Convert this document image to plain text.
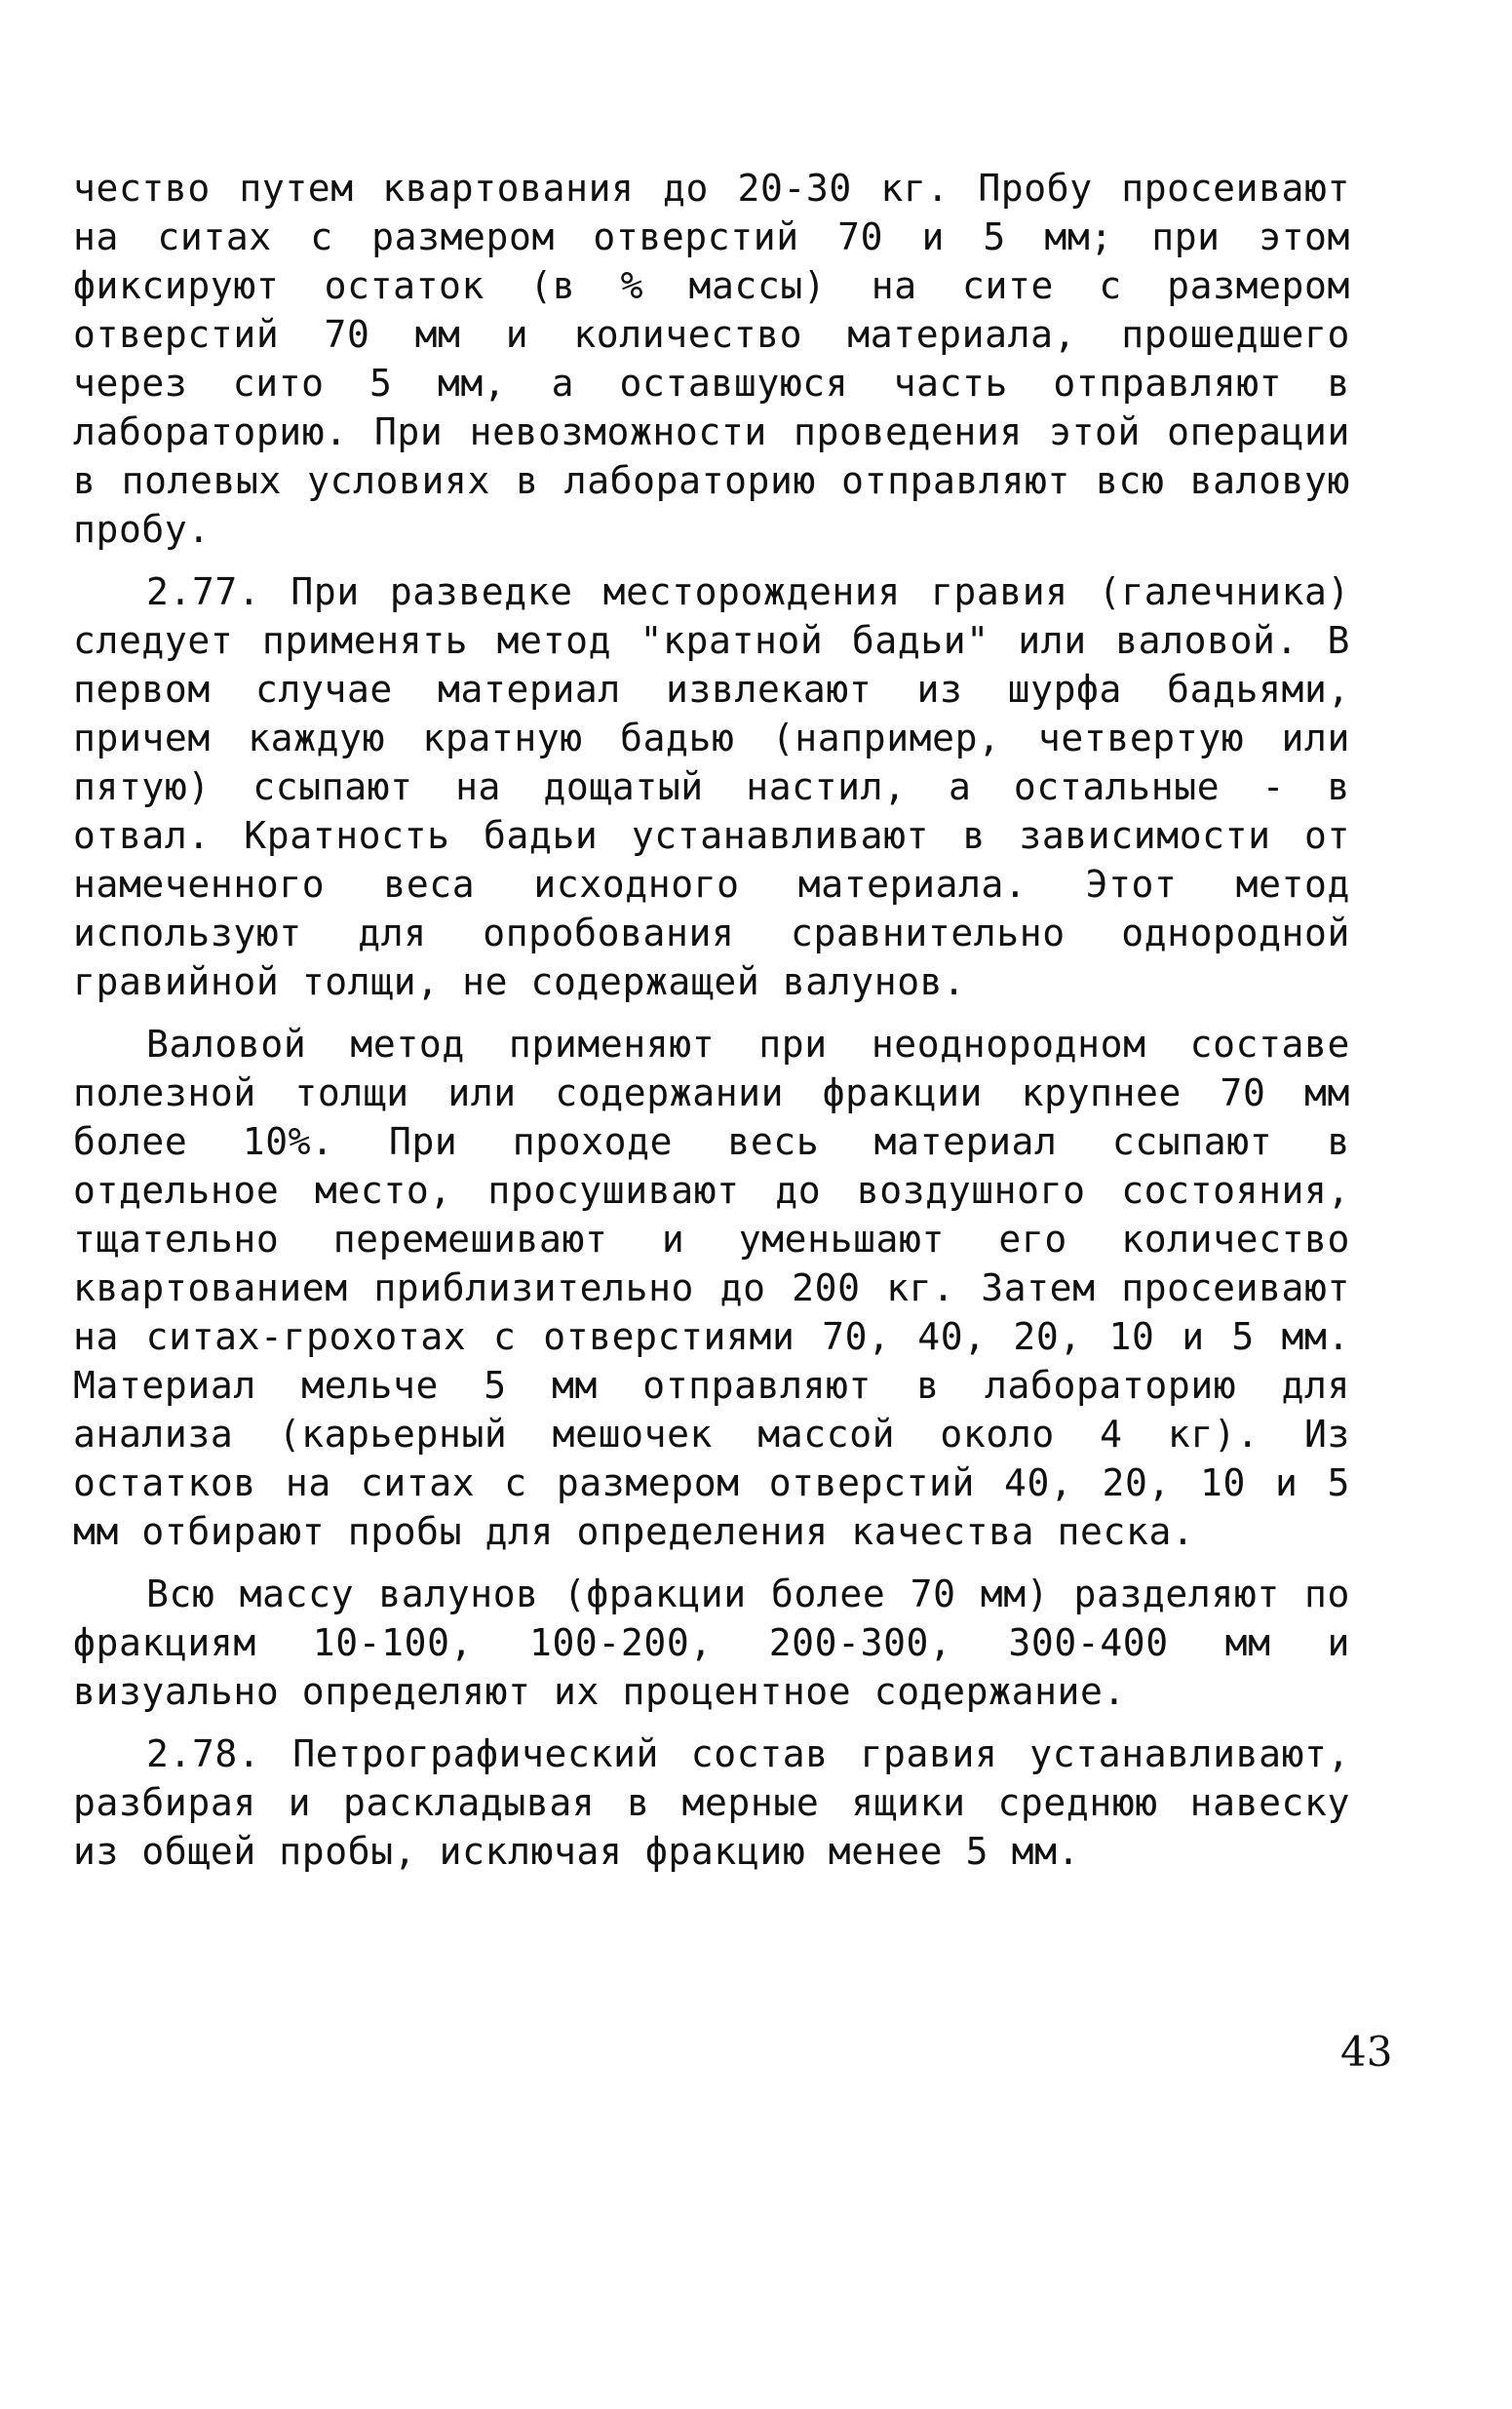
чество путем квартования до 20-30 кг. Пробу просеивают на ситах с размером отверстий 70 и 5 мм; при этом фиксируют остаток (в % массы) на сите с размером отверстий 70 мм и количество материала, прошедшего через сито 5 мм, а оставшуюся часть отправляют в лабораторию. При невозможности проведения этой операции в полевых условиях в лабораторию отправляют всю валовую пробу.

2.77. При разведке месторождения гравия (галечника) следует применять метод "кратной бадьи" или валовой. В первом случае материал извлекают из шурфа бадьями, причем каждую кратную бадью (например, четвертую или пятую) ссыпают на дощатый настил, а остальные - в отвал. Кратность бадьи устанавливают в зависимости от намеченного веса исходного материала. Этот метод используют для опробования сравнительно однородной гравийной толщи, не содержащей валунов.

Валовой метод применяют при неоднородном составе полезной толщи или содержании фракции крупнее 70 мм более 10%. При проходе весь материал ссыпают в отдельное место, просушивают до воздушного состояния, тщательно перемешивают и уменьшают его количество квартованием приблизительно до 200 кг. Затем просеивают на ситах-грохотах с отверстиями 70, 40, 20, 10 и 5 мм. Материал мельче 5 мм отправляют в лабораторию для анализа (карьерный мешочек массой около 4 кг). Из остатков на ситах с размером отверстий 40, 20, 10 и 5 мм отбирают пробы для определения качества песка.

Всю массу валунов (фракции более 70 мм) разделяют по фракциям 10-100, 100-200, 200-300, 300-400 мм и визуально определяют их процентное содержание.

2.78. Петрографический состав гравия устанавливают, разбирая и раскладывая в мерные ящики среднюю навеску из общей пробы, исключая фракцию менее 5 мм.

43
